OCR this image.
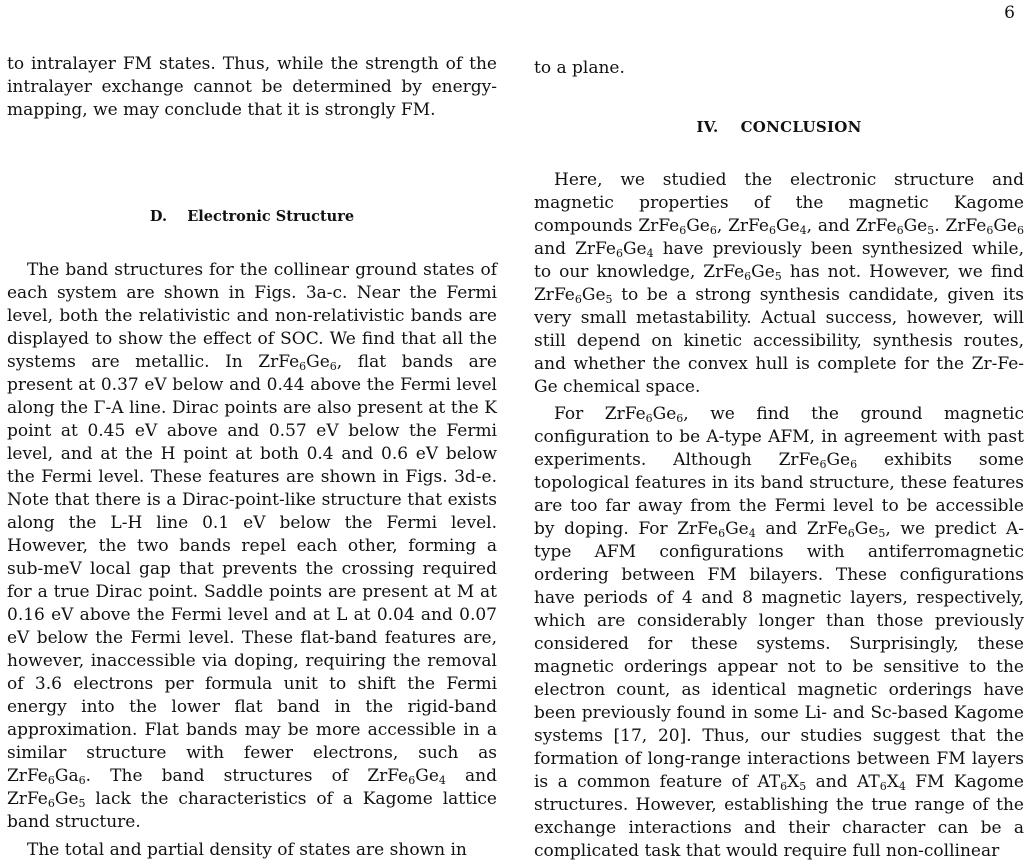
6

to intralayer FM states. Thus, while the strength of the intralayer exchange cannot be determined by energy-mapping, we may conclude that it is strongly FM.

D.    Electronic Structure

The band structures for the collinear ground states of each system are shown in Figs. 3a-c. Near the Fermi level, both the relativistic and non-relativistic bands are displayed to show the effect of SOC. We find that all the systems are metallic. In $ZrFe_6Ge_6$, flat bands are present at 0.37 eV below and 0.44 above the Fermi level along the Γ-A line. Dirac points are also present at the K point at 0.45 eV above and 0.57 eV below the Fermi level, and at the H point at both 0.4 and 0.6 eV below the Fermi level. These features are shown in Figs. 3d-e. Note that there is a Dirac-point-like structure that exists along the L-H line 0.1 eV below the Fermi level. However, the two bands repel each other, forming a sub-meV local gap that prevents the crossing required for a true Dirac point. Saddle points are present at M at 0.16 eV above the Fermi level and at L at 0.04 and 0.07 eV below the Fermi level. These flat-band features are, however, inaccessible via doping, requiring the removal of 3.6 electrons per formula unit to shift the Fermi energy into the lower flat band in the rigid-band approximation. Flat bands may be more accessible in a similar structure with fewer electrons, such as $ZrFe_6Ga_6$. The band structures of $ZrFe_6Ge_4$ and $ZrFe_6Ge_5$ lack the characteristics of a Kagome lattice band structure.

The total and partial density of states are shown in

to a plane.

IV.    CONCLUSION

Here, we studied the electronic structure and magnetic properties of the magnetic Kagome compounds $ZrFe_6Ge_6$, $ZrFe_6Ge_4$, and $ZrFe_6Ge_5$. $ZrFe_6Ge_6$ and $ZrFe_6Ge_4$ have previously been synthesized while, to our knowledge, $ZrFe_6Ge_5$ has not. However, we find $ZrFe_6Ge_5$ to be a strong synthesis candidate, given its very small metastability. Actual success, however, will still depend on kinetic accessibility, synthesis routes, and whether the convex hull is complete for the Zr-Fe-Ge chemical space.

For $ZrFe_6Ge_6$, we find the ground magnetic configuration to be A-type AFM, in agreement with past experiments. Although $ZrFe_6Ge_6$ exhibits some topological features in its band structure, these features are too far away from the Fermi level to be accessible by doping. For $ZrFe_6Ge_4$ and $ZrFe_6Ge_5$, we predict A-type AFM configurations with antiferromagnetic ordering between FM bilayers. These configurations have periods of 4 and 8 magnetic layers, respectively, which are considerably longer than those previously considered for these systems. Surprisingly, these magnetic orderings appear not to be sensitive to the electron count, as identical magnetic orderings have been previously found in some Li- and Sc-based Kagome systems [17, 20]. Thus, our studies suggest that the formation of long-range interactions between FM layers is a common feature of $AT_6X_5$ and $AT_6X_4$ FM Kagome structures. However, establishing the true range of the exchange interactions and their character can be a complicated task that would require full non-collinear
